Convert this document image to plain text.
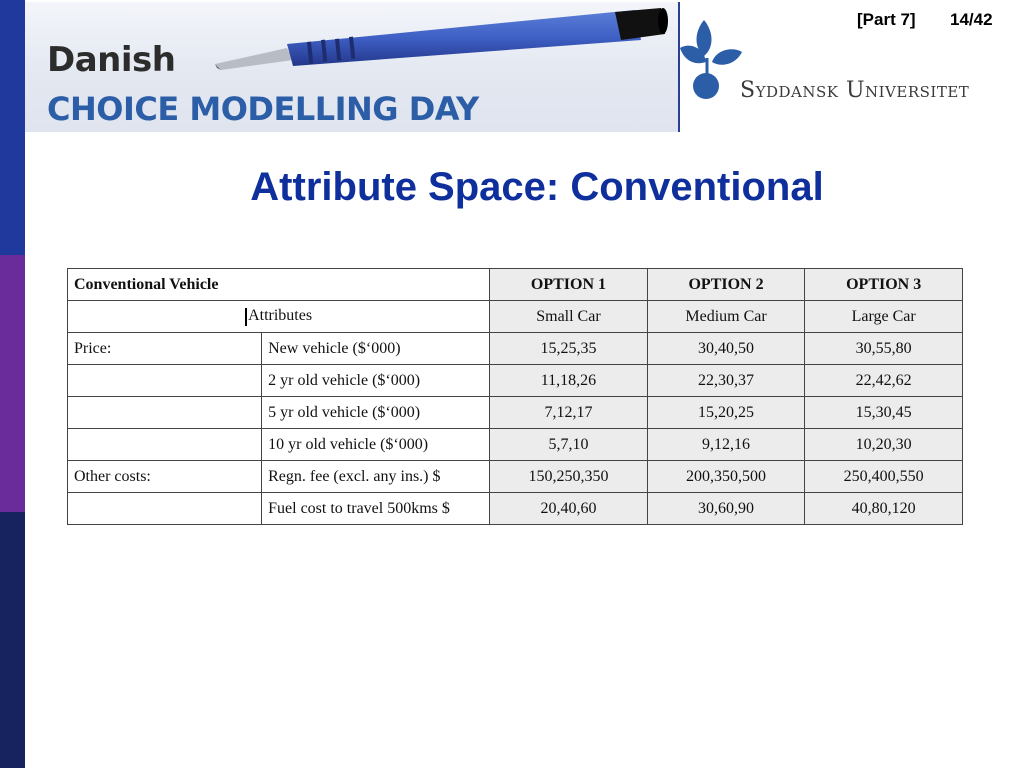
Danish
CHOICE MODELLING DAY	Syddansk Universitet
[Part 7] 14/42
Attribute Space: Conventional
Conventional Vehicle		OPTION 1	OPTION 2	OPTION 3
Attributes		Small Car	Medium Car	Large Car
Price:	New vehicle ($‘000)	15,25,35	30,40,50	30,55,80
	2 yr old vehicle ($‘000)	11,18,26	22,30,37	22,42,62
	5 yr old vehicle ($‘000)	7,12,17	15,20,25	15,30,45
	10 yr old vehicle ($‘000)	5,7,10	9,12,16	10,20,30
Other costs:	Regn. fee (excl. any ins.) $	150,250,350	200,350,500	250,400,550
	Fuel cost to travel 500kms $	20,40,60	30,60,90	40,80,120
